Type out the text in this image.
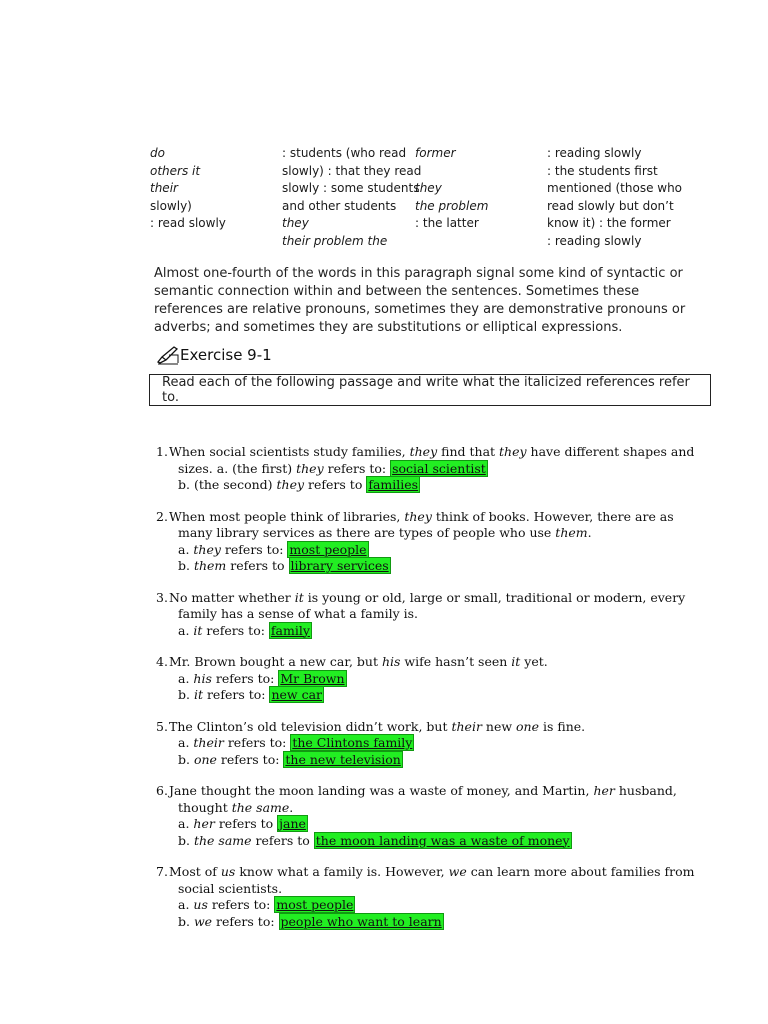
do
others it
their
slowly)
: read slowly
: students (who read
slowly) : that they read
slowly : some students
and other students
they
their problem the
former

they
the problem
: the latter
: reading slowly
: the students first
mentioned (those who
read slowly but don’t
know it) : the former
: reading slowly
Almost one-fourth of the words in this paragraph signal some kind of syntactic or semantic connection within and between the sentences. Sometimes these references are relative pronouns, sometimes they are demonstrative pronouns or adverbs; and sometimes they are substitutions or elliptical expressions.
Exercise 9-1
Read each of the following passage and write what the italicized references refer to.
1.When social scientists study families, they find that they have different shapes and
sizes. a. (the first) they refers to: social scientist
b. (the second) they refers to families
2.When most people think of libraries, they think of books. However, there are as
many library services as there are types of people who use them.
a. they refers to: most people
b. them refers to library services
3.No matter whether it is young or old, large or small, traditional or modern, every
family has a sense of what a family is.
a. it refers to: family
4.Mr. Brown bought a new car, but his wife hasn’t seen it yet.
a. his refers to: Mr Brown
b. it refers to: new car
5.The Clinton’s old television didn’t work, but their new one is fine.
a. their refers to: the Clintons family
b. one refers to: the new television
6.Jane thought the moon landing was a waste of money, and Martin, her husband,
thought the same.
a. her refers to jane
b. the same refers to the moon landing was a waste of money
7.Most of us know what a family is. However, we can learn more about families from
social scientists.
a. us refers to: most people
b. we refers to: people who want to learn
